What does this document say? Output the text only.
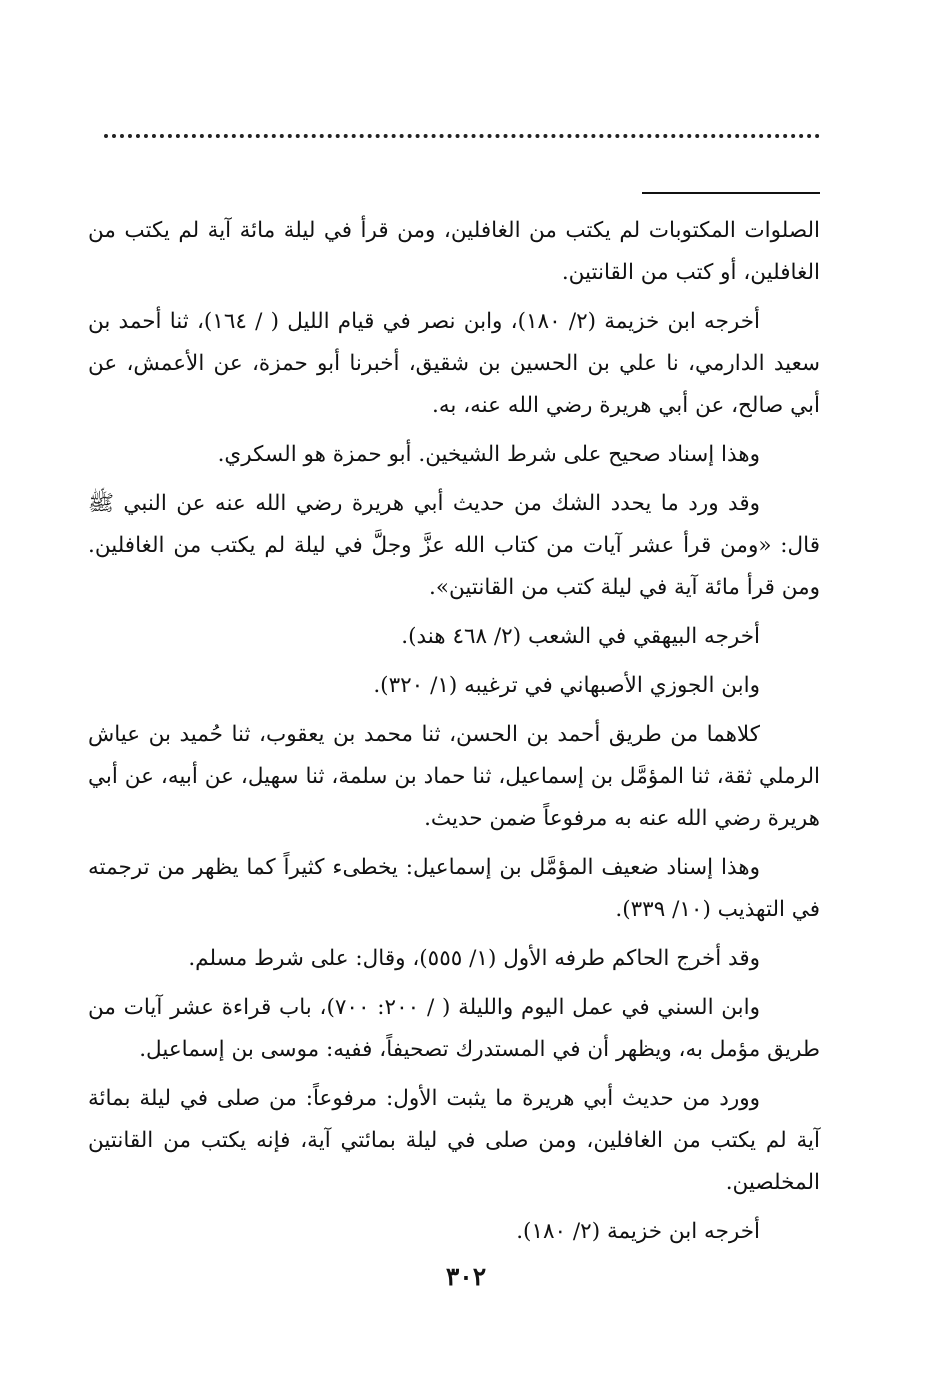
الصلوات المكتوبات لم يكتب من الغافلين، ومن قرأ في ليلة مائة آية لم يكتب من الغافلين، أو كتب من القانتين.

أخرجه ابن خزيمة (٢/ ١٨٠)، وابن نصر في قيام الليل ( / ١٦٤)، ثنا أحمد بن سعيد الدارمي، نا علي بن الحسين بن شقيق، أخبرنا أبو حمزة، عن الأعمش، عن أبي صالح، عن أبي هريرة رضي الله عنه، به.

وهذا إسناد صحيح على شرط الشيخين. أبو حمزة هو السكري.

وقد ورد ما يحدد الشك من حديث أبي هريرة رضي الله عنه عن النبي ﷺ قال: «ومن قرأ عشر آيات من كتاب الله عزَّ وجلَّ في ليلة لم يكتب من الغافلين. ومن قرأ مائة آية في ليلة كتب من القانتين».

أخرجه البيهقي في الشعب (٢/ ٤٦٨ هند).

وابن الجوزي الأصبهاني في ترغيبه (١/ ٣٢٠).

كلاهما من طريق أحمد بن الحسن، ثنا محمد بن يعقوب، ثنا حُميد بن عياش الرملي ثقة، ثنا المؤمَّل بن إسماعيل، ثنا حماد بن سلمة، ثنا سهيل، عن أبيه، عن أبي هريرة رضي الله عنه به مرفوعاً ضمن حديث.

وهذا إسناد ضعيف المؤمَّل بن إسماعيل: يخطىء كثيراً كما يظهر من ترجمته في التهذيب (١٠/ ٣٣٩).

وقد أخرج الحاكم طرفه الأول (١/ ٥٥٥)، وقال: على شرط مسلم.

وابن السني في عمل اليوم والليلة ( / ٢٠٠: ٧٠٠)، باب قراءة عشر آيات من طريق مؤمل به، ويظهر أن في المستدرك تصحيفاً، ففيه: موسى بن إسماعيل.

وورد من حديث أبي هريرة ما يثبت الأول: مرفوعاً: من صلى في ليلة بمائة آية لم يكتب من الغافلين، ومن صلى في ليلة بمائتي آية، فإنه يكتب من القانتين المخلصين.

أخرجه ابن خزيمة (٢/ ١٨٠).

٣٠٢
